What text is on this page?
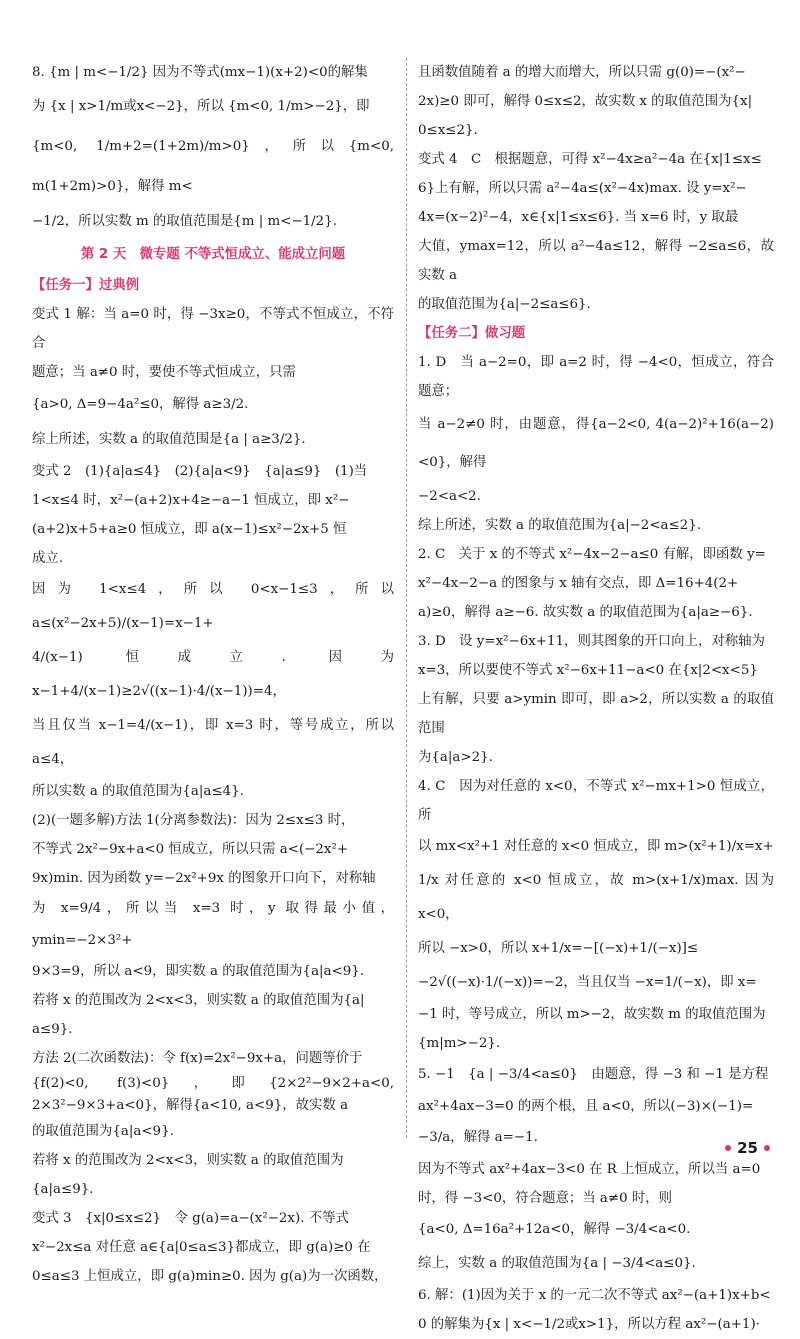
8. {m | m<−1/2} 因为不等式(mx−1)(x+2)<0的解集

为 {x | x>1/m或x<−2}，所以 {m<0, 1/m>−2}，即

{m<0, 1/m+2=(1+2m)/m>0}，所以{m<0, m(1+2m)>0}，解得 m<

−1/2，所以实数 m 的取值范围是{m | m<−1/2}.

第 2 天　微专题 不等式恒成立、能成立问题

【任务一】过典例

变式 1 解：当 a=0 时，得 −3x≥0，不等式不恒成立，不符合

题意；当 a≠0 时，要使不等式恒成立，只需

{a>0, Δ=9−4a²≤0，解得 a≥3/2.

综上所述，实数 a 的取值范围是{a | a≥3/2}.

变式 2　(1){a|a≤4}　(2){a|a<9}　{a|a≤9}　(1)当

1<x≤4 时，x²−(a+2)x+4≥−a−1 恒成立，即 x²−

(a+2)x+5+a≥0 恒成立，即 a(x−1)≤x²−2x+5 恒

成立.

因为 1<x≤4，所以 0<x−1≤3，所以 a≤(x²−2x+5)/(x−1)=x−1+

4/(x−1) 恒成立. 因为 x−1+4/(x−1)≥2√((x−1)·4/(x−1))=4，

当且仅当 x−1=4/(x−1)，即 x=3 时，等号成立，所以 a≤4，

所以实数 a 的取值范围为{a|a≤4}.

(2)(一题多解)方法 1(分离参数法)：因为 2≤x≤3 时，

不等式 2x²−9x+a<0 恒成立，所以只需 a<(−2x²+

9x)min. 因为函数 y=−2x²+9x 的图象开口向下，对称轴

为 x=9/4，所以当 x=3 时，y 取得最小值，ymin=−2×3²+

9×3=9，所以 a<9，即实数 a 的取值范围为{a|a<9}.

若将 x 的范围改为 2<x<3，则实数 a 的取值范围为{a|

a≤9}.

方法 2(二次函数法)：令 f(x)=2x²−9x+a，问题等价于

{f(2)<0, f(3)<0}，即{2×2²−9×2+a<0, 2×3²−9×3+a<0}，解得{a<10, a<9}，故实数 a

的取值范围为{a|a<9}.

若将 x 的范围改为 2<x<3，则实数 a 的取值范围为

{a|a≤9}.

变式 3　{x|0≤x≤2}　令 g(a)=a−(x²−2x). 不等式

x²−2x≤a 对任意 a∈{a|0≤a≤3}都成立，即 g(a)≥0 在

0≤a≤3 上恒成立，即 g(a)min≥0. 因为 g(a)为一次函数，

且函数值随着 a 的增大而增大，所以只需 g(0)=−(x²−

2x)≥0 即可，解得 0≤x≤2，故实数 x 的取值范围为{x|

0≤x≤2}.

变式 4　C　根据题意，可得 x²−4x≥a²−4a 在{x|1≤x≤

6}上有解，所以只需 a²−4a≤(x²−4x)max. 设 y=x²−

4x=(x−2)²−4，x∈{x|1≤x≤6}. 当 x=6 时，y 取最

大值，ymax=12，所以 a²−4a≤12，解得 −2≤a≤6，故实数 a

的取值范围为{a|−2≤a≤6}.

【任务二】做习题

1. D　当 a−2=0，即 a=2 时，得 −4<0，恒成立，符合题意；

当 a−2≠0 时，由题意，得{a−2<0, 4(a−2)²+16(a−2)<0}，解得

−2<a<2.

综上所述，实数 a 的取值范围为{a|−2<a≤2}.

2. C　关于 x 的不等式 x²−4x−2−a≤0 有解，即函数 y=

x²−4x−2−a 的图象与 x 轴有交点，即 Δ=16+4(2+

a)≥0，解得 a≥−6. 故实数 a 的取值范围为{a|a≥−6}.

3. D　设 y=x²−6x+11，则其图象的开口向上，对称轴为

x=3，所以要使不等式 x²−6x+11−a<0 在{x|2<x<5}

上有解，只要 a>ymin 即可，即 a>2，所以实数 a 的取值范围

为{a|a>2}.

4. C　因为对任意的 x<0，不等式 x²−mx+1>0 恒成立，所

以 mx<x²+1 对任意的 x<0 恒成立，即 m>(x²+1)/x=x+

1/x 对任意的 x<0 恒成立，故 m>(x+1/x)max. 因为 x<0，

所以 −x>0，所以 x+1/x=−[(−x)+1/(−x)]≤

−2√((−x)·1/(−x))=−2，当且仅当 −x=1/(−x)，即 x=

−1 时，等号成立，所以 m>−2，故实数 m 的取值范围为

{m|m>−2}.

5. −1　{a | −3/4<a≤0}　由题意，得 −3 和 −1 是方程

ax²+4ax−3=0 的两个根，且 a<0，所以(−3)×(−1)=

−3/a，解得 a=−1.

因为不等式 ax²+4ax−3<0 在 R 上恒成立，所以当 a=0

时，得 −3<0，符合题意；当 a≠0 时，则

{a<0, Δ=16a²+12a<0，解得 −3/4<a<0.

综上，实数 a 的取值范围为{a | −3/4<a≤0}.

6. 解：(1)因为关于 x 的一元二次不等式 ax²−(a+1)x+b<

0 的解集为{x | x<−1/2或x>1}，所以方程 ax²−(a+1)·

25
